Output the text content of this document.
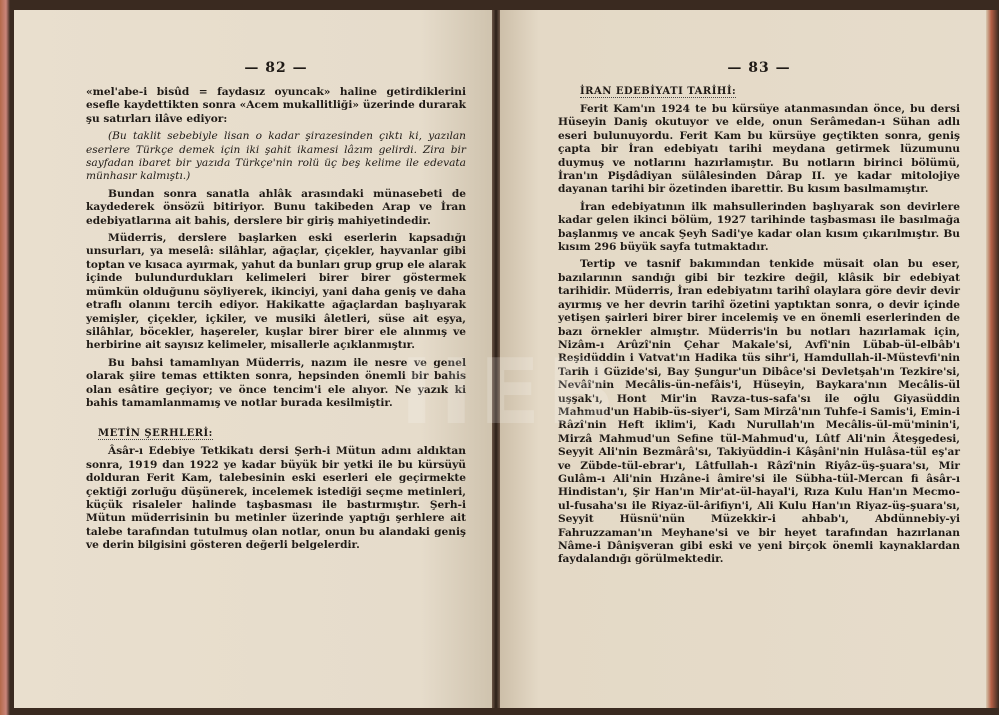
— 82 —

«mel'abe-i bisûd = faydasız oyuncak» haline getirdiklerini esefle kaydettikten sonra «Acem mukallitliği» üzerinde durarak şu satırları ilâve ediyor:

(Bu taklit sebebiyle lisan o kadar şirazesinden çıktı ki, yazılan eserlere Türkçe demek için iki şahit ikamesi lâzım gelirdi. Zira bir sayfadan ibaret bir yazıda Türkçe'nin rolü üç beş kelime ile edevata münhasır kalmıştı.)

Bundan sonra sanatla ahlâk arasındaki münasebeti de kaydederek önsözü bitiriyor. Bunu takibeden Arap ve İran edebiyatlarına ait bahis, derslere bir giriş mahiyetindedir.

Müderris, derslere başlarken eski eserlerin kapsadığı unsurları, ya meselâ: silâhlar, ağaçlar, çiçekler, hayvanlar gibi toptan ve kısaca ayırmak, yahut da bunları grup grup ele alarak içinde bulundurdukları kelimeleri birer birer göstermek mümkün olduğunu söyliyerek, ikinciyi, yani daha geniş ve daha etraflı olanını tercih ediyor. Hakikatte ağaçlardan başlıyarak yemişler, çiçekler, içkiler, ve musiki âletleri, süse ait eşya, silâhlar, böcekler, haşereler, kuşlar birer birer ele alınmış ve herbirine ait sayısız kelimeler, misallerle açıklanmıştır.

Bu bahsi tamamlıyan Müderris, nazım ile nesre ve genel olarak şiire temas ettikten sonra, hepsinden önemli bir bahis olan esâtire geçiyor; ve önce tencim'i ele alıyor. Ne yazık ki bahis tamamlanmamış ve notlar burada kesilmiştir.

METİN ŞERHLERİ:

Âsâr-ı Edebiye Tetkikatı dersi Şerh-i Mütun adını aldıktan sonra, 1919 dan 1922 ye kadar büyük bir yetki ile bu kürsüyü dolduran Ferit Kam, talebesinin eski eserleri ele geçirmekte çektiği zorluğu düşünerek, incelemek istediği seçme metinleri, küçük risaleler halinde taşbasması ile bastırmıştır. Şerh-i Mütun müderrisinin bu metinler üzerinde yaptığı şerhlere ait talebe tarafından tutulmuş olan notlar, onun bu alandaki geniş ve derin bilgisini gösteren değerli belgelerdir.

— 83 —
İRAN EDEBİYATI TARİHİ:

Ferit Kam'ın 1924 te bu kürsüye atanmasından önce, bu dersi Hüseyin Daniş okutuyor ve elde, onun Serâmedan-ı Sühan adlı eseri bulunuyordu. Ferit Kam bu kürsüye geçtikten sonra, geniş çapta bir İran edebiyatı tarihi meydana getirmek lüzumunu duymuş ve notlarını hazırlamıştır. Bu notların birinci bölümü, İran'ın Pişdâdiyan sülâlesinden Dârap II. ye kadar mitolojiye dayanan tarihi bir özetinden ibarettir. Bu kısım basılmamıştır.

İran edebiyatının ilk mahsullerinden başlıyarak son devirlere kadar gelen ikinci bölüm, 1927 tarihinde taşbasması ile basılmağa başlanmış ve ancak Şeyh Sadi'ye kadar olan kısım çıkarılmıştır. Bu kısım 296 büyük sayfa tutmaktadır.

Tertip ve tasnif bakımından tenkide müsait olan bu eser, bazılarının sandığı gibi bir tezkire değil, klâsik bir edebiyat tarihidir. Müderris, İran edebiyatını tarihî olaylara göre devir devir ayırmış ve her devrin tarihî özetini yaptıktan sonra, o devir içinde yetişen şairleri birer birer incelemiş ve en önemli eserlerinden de bazı örnekler almıştır. Müderris'in bu notları hazırlamak için, Nizâm-ı Arûzî'nin Çehar Makale'si, Avfî'nin Lübab-ül-elbâb'ı Reşidüddin i Vatvat'ın Hadika tüs sihr'i, Hamdullah-il-Müstevfi'nin Tarih i Güzide'si, Bay Şungur'un Dibâce'si Devletşah'ın Tezkire'si, Nevâî'nin Mecâlis-ün-nefâis'i, Hüseyin, Baykara'nın Mecâlis-ül uşşak'ı, Hont Mir'in Ravza-tus-safa'sı ile oğlu Giyasüddin Mahmud'un Habib-üs-siyer'i, Sam Mirzâ'nın Tuhfe-i Samis'i, Emin-i Râzî'nin Heft iklim'i, Kadı Nurullah'ın Mecâlis-ül-mü'minin'i, Mirzâ Mahmud'un Sefine tül-Mahmud'u, Lûtf Ali'nin Âteşgedesi, Seyyit Ali'nin Bezmârâ'sı, Takiyüddin-i Kâşâni'nin Hulâsa-tül eş'ar ve Zübde-tül-ebrar'ı, Lâtfullah-ı Râzî'nin Riyâz-üş-şuara'sı, Mir Gulâm-ı Ali'nin Hızâne-i âmire'si ile Sübha-tül-Mercan fi âsâr-ı Hindistan'ı, Şir Han'ın Mir'at-ül-hayal'i, Rıza Kulu Han'ın Mecmo-ul-fusaha'sı ile Riyaz-ül-ârifiyn'i, Ali Kulu Han'ın Riyaz-üş-şuara'sı, Seyyit Hüsnü'nün Müzekkir-i ahbab'ı, Abdünnebiy-yi Fahruzzaman'ın Meyhane'si ve bir heyet tarafından hazırlanan Nâme-i Dânişveran gibi eski ve yeni birçok önemli kaynaklardan faydalandığı görülmektedir.

IIEB
